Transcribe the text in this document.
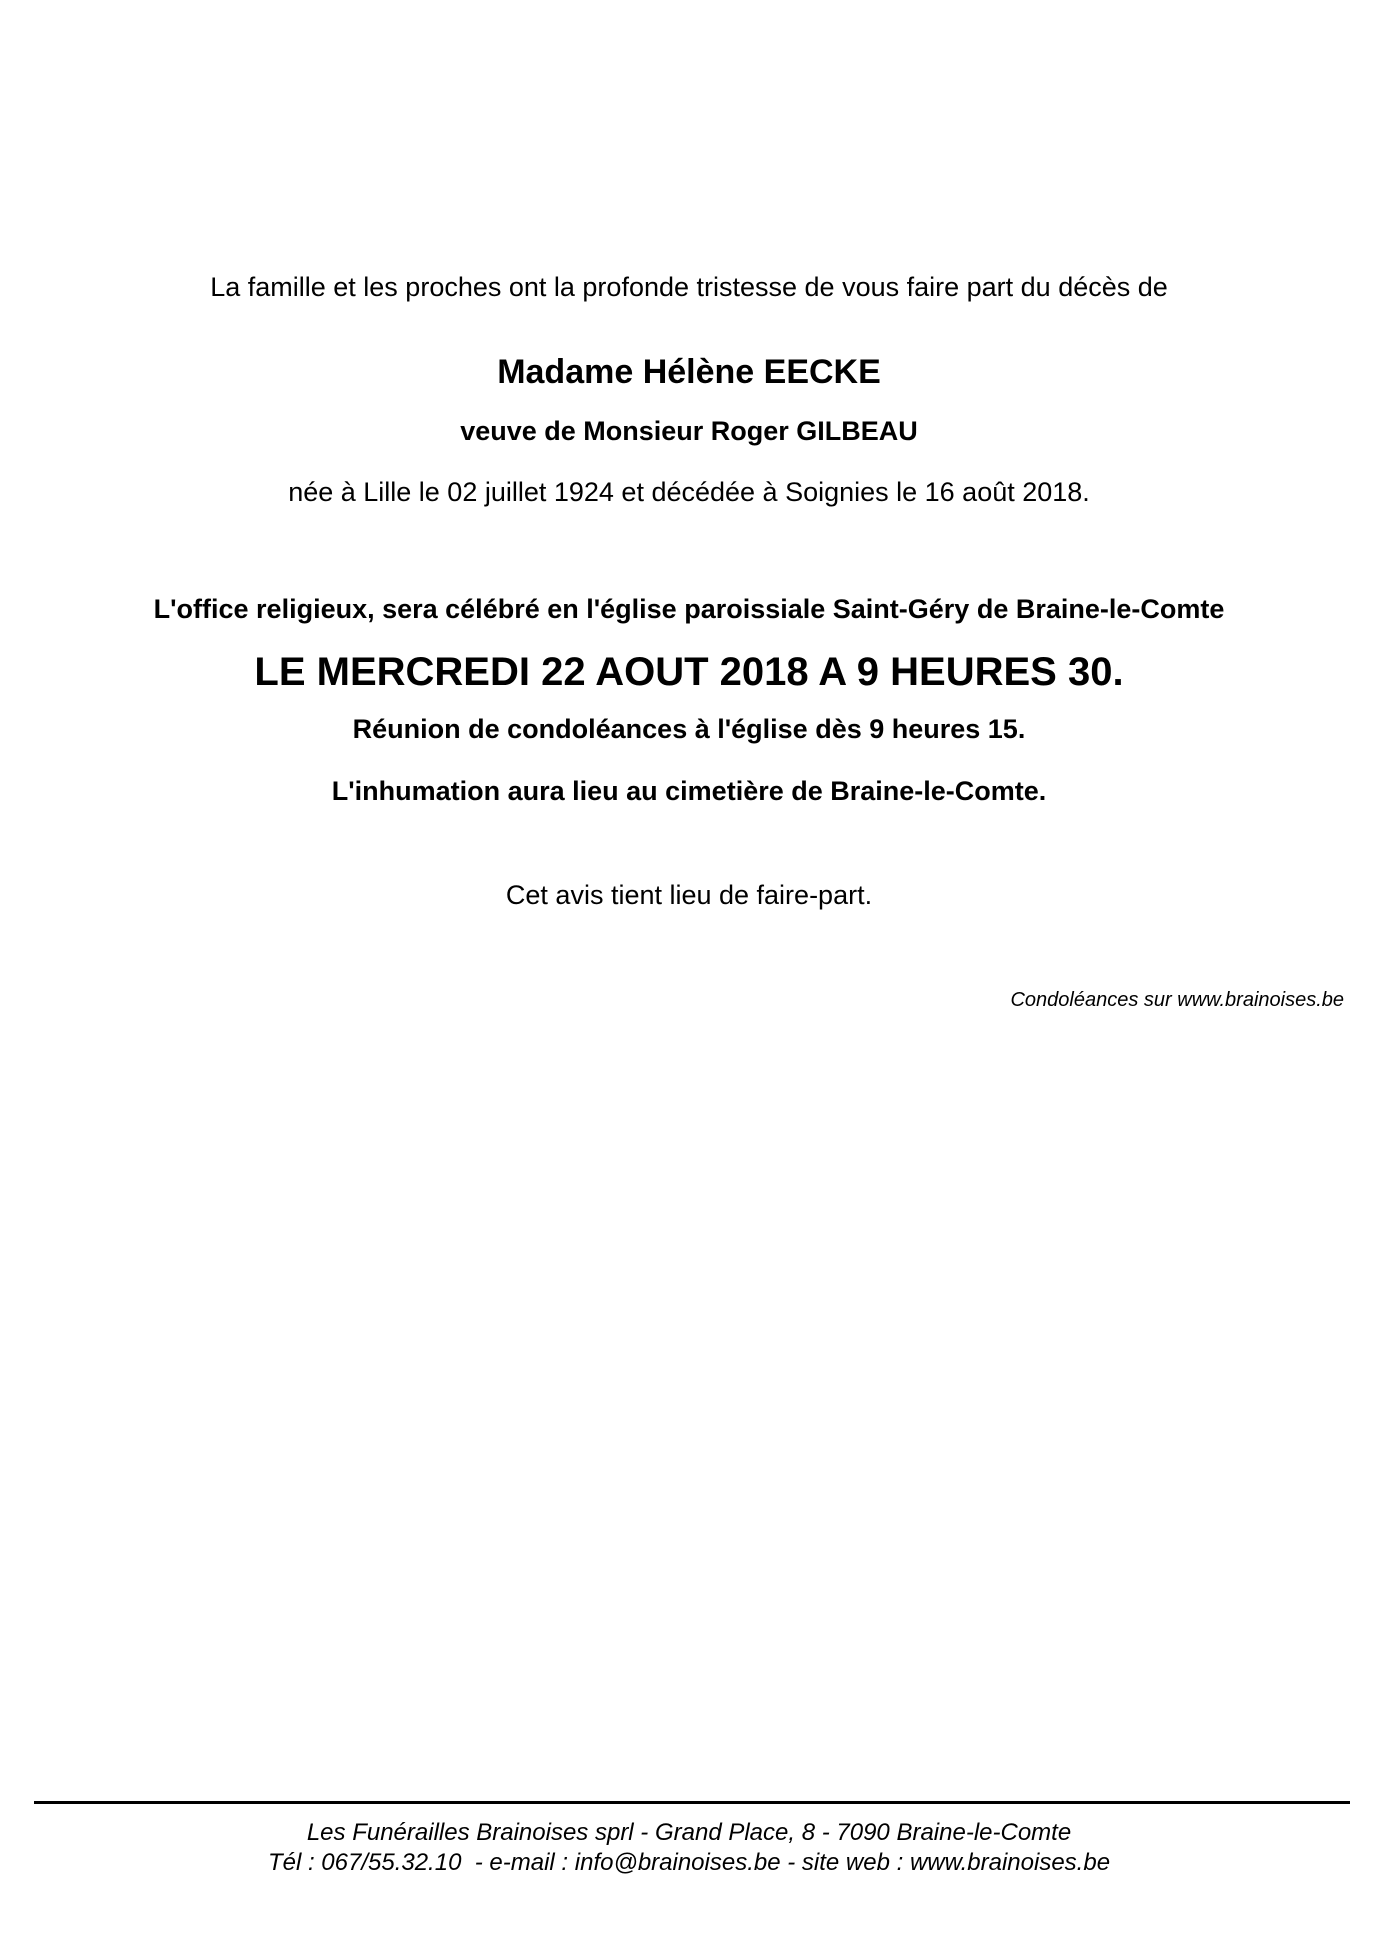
La famille et les proches ont la profonde tristesse de vous faire part du décès de
Madame Hélène EECKE
veuve de Monsieur Roger GILBEAU
née à Lille le 02 juillet 1924 et décédée à Soignies le 16 août 2018.
L'office religieux, sera célébré en l'église paroissiale Saint-Géry de Braine-le-Comte
LE MERCREDI 22 AOUT 2018 A 9 HEURES 30.
Réunion de condoléances à l'église dès 9 heures 15.
L'inhumation aura lieu au cimetière de Braine-le-Comte.
Cet avis tient lieu de faire-part.
Condoléances sur www.brainoises.be
Les Funérailles Brainoises sprl - Grand Place, 8 - 7090 Braine-le-Comte
Tél : 067/55.32.10  - e-mail : info@brainoises.be - site web : www.brainoises.be
